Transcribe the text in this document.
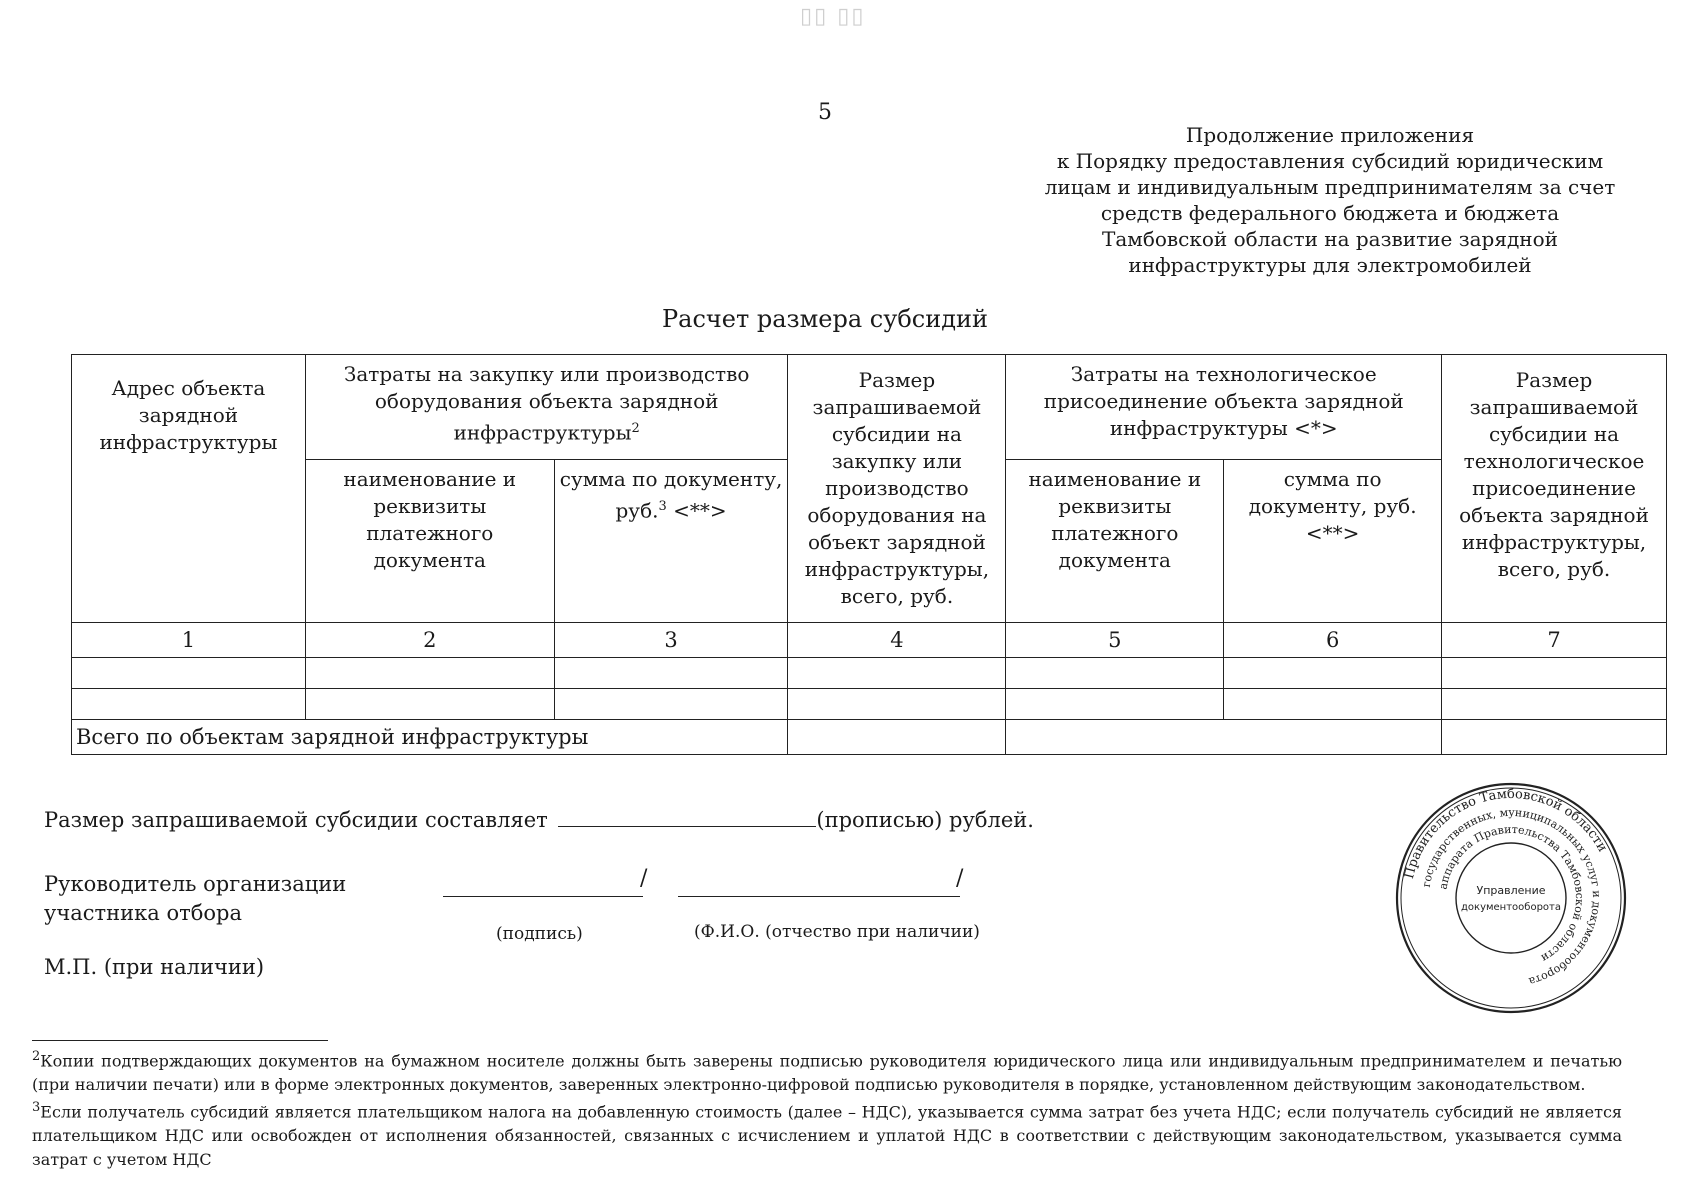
▯▯ ▯▯
5
Продолжение приложения
к Порядку предоставления субсидий юридическим
лицам и индивидуальным предпринимателям за счет
средств федерального бюджета и бюджета
Тамбовской области на развитие зарядной
инфраструктуры для электромобилей
Расчет размера субсидий
Адрес объекта зарядной инфраструктуры	Затраты на закупку или производство оборудования объекта зарядной инфраструктуры$^2$		Размер запрашиваемой субсидии на закупку или производство оборудования на объект зарядной инфраструктуры, всего, руб.	Затраты на технологическое присоединение объекта зарядной инфраструктуры <*>		Размер запрашиваемой субсидии на технологическое присоединение объекта зарядной инфраструктуры, всего, руб.
	наименование и реквизиты платежного документа	сумма по документу, руб.$^3$ <**>		наименование и реквизиты платежного документа	сумма по документу, руб. <**>	
1	2	3	4	5	6	7

Всего по объектам зарядной инфраструктуры						
Размер запрашиваемой субсидии составляет	(прописью) рублей.
Руководитель организации
участника отбора
/	/
(подпись)	(Ф.И.О. (отчество при наличии)
М.П. (при наличии)
Правительство Тамбовской области
государственных, муниципальных услуг и документооборота
аппарата Правительства Тамбовской области
Управление
документооборота

$^2$Копии подтверждающих документов на бумажном носителе должны быть заверены подписью руководителя юридического лица или индивидуальным предпринимателем и печатью (при наличии печати) или в форме электронных документов, заверенных электронно-цифровой подписью руководителя в порядке, установленном действующим законодательством.

$^3$Если получатель субсидий является плательщиком налога на добавленную стоимость (далее – НДС), указывается сумма затрат без учета НДС; если получатель субсидий не является плательщиком НДС или освобожден от исполнения обязанностей, связанных с исчислением и уплатой НДС в соответствии с действующим законодательством, указывается сумма затрат с учетом НДС
